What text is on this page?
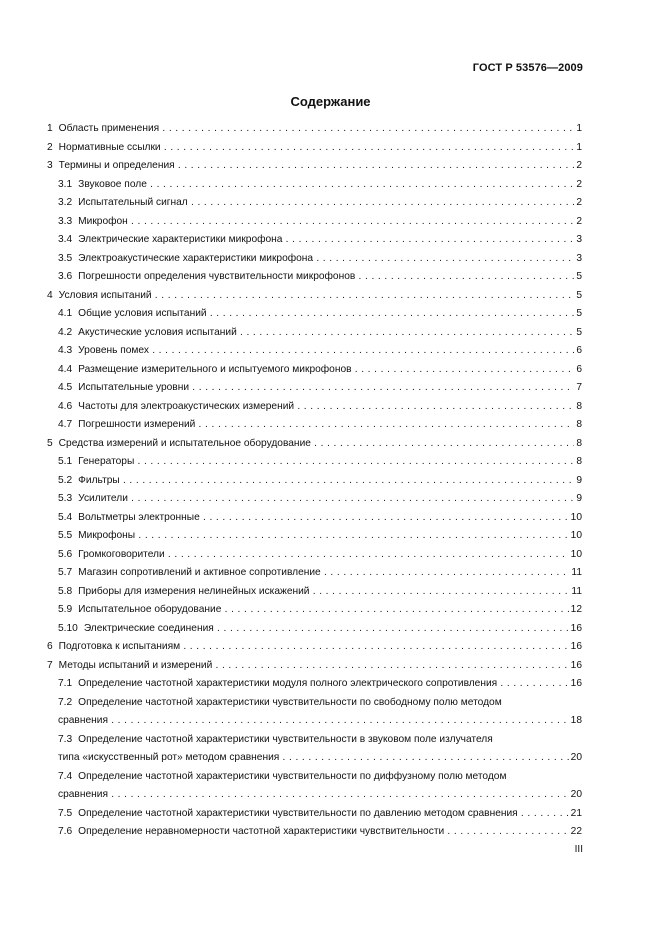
ГОСТ Р 53576—2009
Содержание
1 Область применения . . .	1
2 Нормативные ссылки . . .	1
3 Термины и определения . . .	2
3.1 Звуковое поле . . .	2
3.2 Испытательный сигнал . . .	2
3.3 Микрофон . . .	2
3.4 Электрические характеристики микрофона . . .	3
3.5 Электроакустические характеристики микрофона . . .	3
3.6 Погрешности определения чувствительности микрофонов . . .	5
4 Условия испытаний . . .	5
4.1 Общие условия испытаний . . .	5
4.2 Акустические условия испытаний . . .	5
4.3 Уровень помех . . .	6
4.4 Размещение измерительного и испытуемого микрофонов . . .	6
4.5 Испытательные уровни . . .	7
4.6 Частоты для электроакустических измерений . . .	8
4.7 Погрешности измерений . . .	8
5 Средства измерений и испытательное оборудование . . .	8
5.1 Генераторы . . .	8
5.2 Фильтры . . .	9
5.3 Усилители . . .	9
5.4 Вольтметры электронные . . .	10
5.5 Микрофоны . . .	10
5.6 Громкоговорители . . .	10
5.7 Магазин сопротивлений и активное сопротивление . . .	11
5.8 Приборы для измерения нелинейных искажений . . .	11
5.9 Испытательное оборудование . . .	12
5.10 Электрические соединения . . .	16
6 Подготовка к испытаниям . . .	16
7 Методы испытаний и измерений . . .	16
7.1 Определение частотной характеристики модуля полного электрического сопротивления . . .	16
7.2 Определение частотной характеристики чувствительности по свободному полю методом
сравнения . . .	18
7.3 Определение частотной характеристики чувствительности в звуковом поле излучателя
типа «искусственный рот» методом сравнения . . .	20
7.4 Определение частотной характеристики чувствительности по диффузному полю методом
сравнения . . .	20
7.5 Определение частотной характеристики чувствительности по давлению методом сравнения . . .	21
7.6 Определение неравномерности частотной характеристики чувствительности . . .	22
III
